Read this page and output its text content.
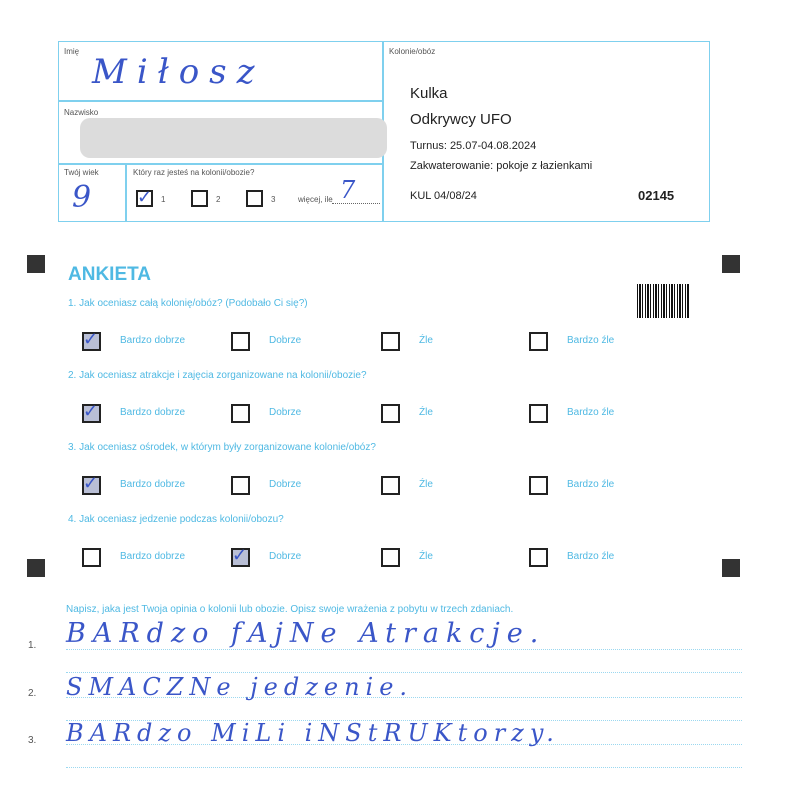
Imię
Miłosz
Nazwisko
Twój wiek
9
Który raz jesteś na kolonii/obozie?
✓ 1	2	3	więcej, ile 7
Kolonie/obóz
Kulka
Odkrywcy UFO
Turnus: 25.07-04.08.2024
Zakwaterowanie: pokoje z łazienkami
KUL 04/08/24	02145
ANKIETA
1. Jak oceniasz całą kolonię/obóz? (Podobało Ci się?)
✓ Bardzo dobrze	Dobrze	Źle	Bardzo źle
2. Jak oceniasz atrakcje i zajęcia zorganizowane na kolonii/obozie?
✓ Bardzo dobrze	Dobrze	Źle	Bardzo źle
3. Jak oceniasz ośrodek, w którym były zorganizowane kolonie/obóz?
✓ Bardzo dobrze	Dobrze	Źle	Bardzo źle
4. Jak oceniasz jedzenie podczas kolonii/obozu?
Bardzo dobrze	✓ Dobrze	Źle	Bardzo źle
Napisz, jaka jest Twoja opinia o kolonii lub obozie. Opisz swoje wrażenia z pobytu w trzech zdaniach.
1.
2.
3.
BARdzo fAjNe Atrakcje.
SMACZNe jedzenie.
BARdzo MiLi iNStRUKtorzy.
